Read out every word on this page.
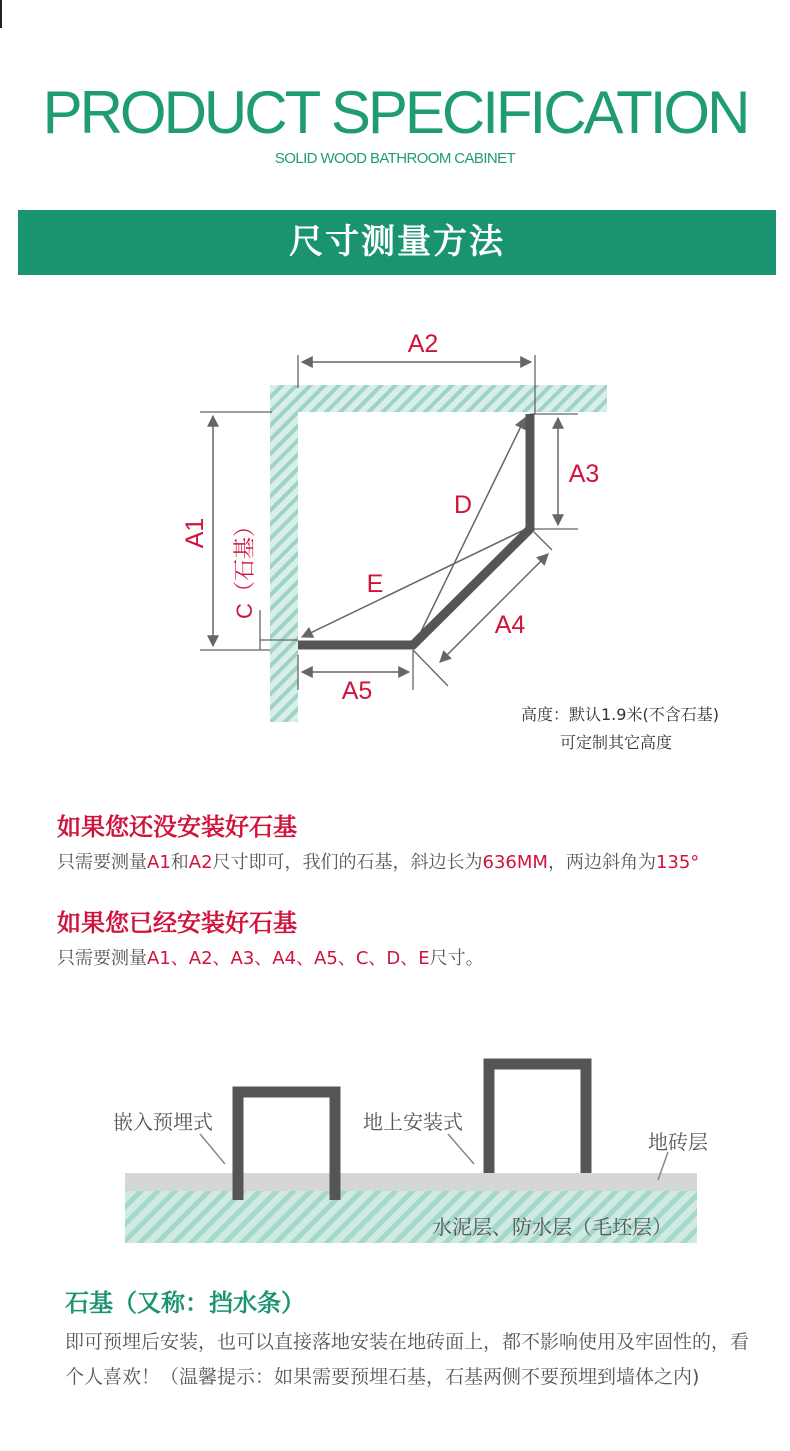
PRODUCT SPECIFICATION
SOLID WOOD BATHROOM CABINET
尺寸测量方法
A2
A3
D
E
A4
A5
A1 C（石基）
高度：默认1.9米(不含石基)
可定制其它高度
如果您还没安装好石基
只需要测量A1和A2尺寸即可，我们的石基，斜边长为636MM，两边斜角为135°
如果您已经安装好石基
只需要测量A1、A2、A3、A4、A5、C、D、E尺寸。
嵌入预埋式	地上安装式
地砖层
水泥层、防水层（毛坯层）
石基（又称：挡水条）
即可预埋后安装，也可以直接落地安装在地砖面上，都不影响使用及牢固性的，看个人喜欢！（温馨提示：如果需要预埋石基，石基两侧不要预埋到墙体之内)
